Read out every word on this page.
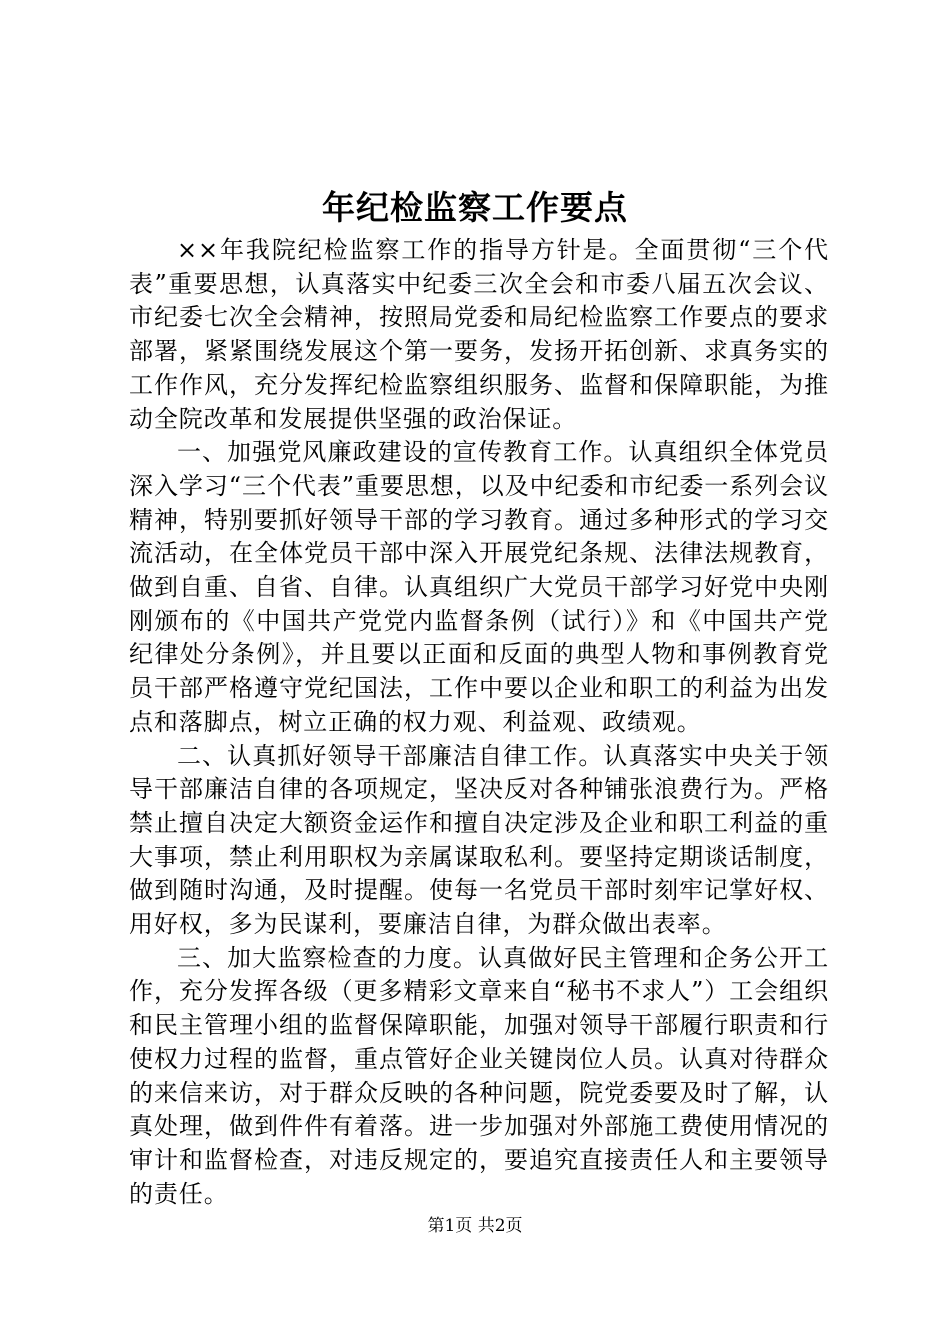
年纪检监察工作要点

××年我院纪检监察工作的指导方针是。全面贯彻“三个代表”重要思想，认真落实中纪委三次全会和市委八届五次会议、市纪委七次全会精神，按照局党委和局纪检监察工作要点的要求部署，紧紧围绕发展这个第一要务，发扬开拓创新、求真务实的工作作风，充分发挥纪检监察组织服务、监督和保障职能，为推动全院改革和发展提供坚强的政治保证。

一、加强党风廉政建设的宣传教育工作。认真组织全体党员深入学习“三个代表”重要思想，以及中纪委和市纪委一系列会议精神，特别要抓好领导干部的学习教育。通过多种形式的学习交流活动，在全体党员干部中深入开展党纪条规、法律法规教育，做到自重、自省、自律。认真组织广大党员干部学习好党中央刚刚颁布的《中国共产党党内监督条例（试行）》和《中国共产党纪律处分条例》，并且要以正面和反面的典型人物和事例教育党员干部严格遵守党纪国法，工作中要以企业和职工的利益为出发点和落脚点，树立正确的权力观、利益观、政绩观。

二、认真抓好领导干部廉洁自律工作。认真落实中央关于领导干部廉洁自律的各项规定，坚决反对各种铺张浪费行为。严格禁止擅自决定大额资金运作和擅自决定涉及企业和职工利益的重大事项，禁止利用职权为亲属谋取私利。要坚持定期谈话制度，做到随时沟通，及时提醒。使每一名党员干部时刻牢记掌好权、用好权，多为民谋利，要廉洁自律，为群众做出表率。

三、加大监察检查的力度。认真做好民主管理和企务公开工作，充分发挥各级（更多精彩文章来自“秘书不求人”）工会组织和民主管理小组的监督保障职能，加强对领导干部履行职责和行使权力过程的监督，重点管好企业关键岗位人员。认真对待群众的来信来访，对于群众反映的各种问题，院党委要及时了解，认真处理，做到件件有着落。进一步加强对外部施工费使用情况的审计和监督检查，对违反规定的，要追究直接责任人和主要领导的责任。

第1页 共2页
